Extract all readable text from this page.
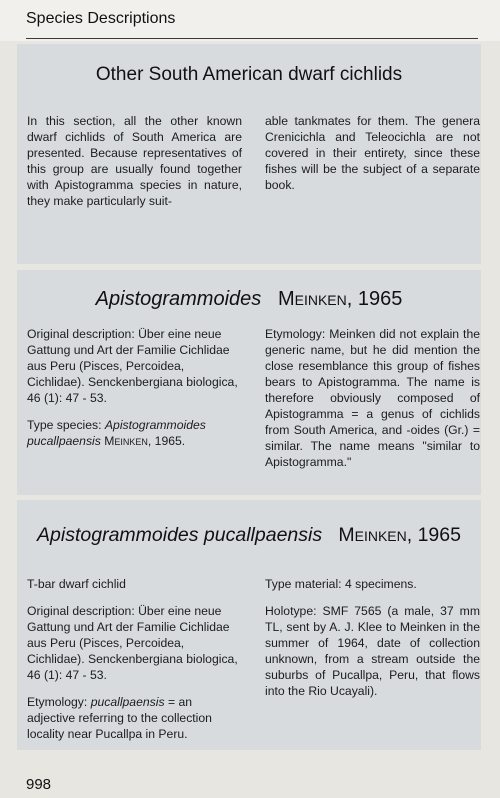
Species Descriptions
Other South American dwarf cichlids

In this section, all the other known dwarf cichlids of South America are presented. Because representatives of this group are usually found together with Apistogramma species in nature, they make particularly suit-

able tankmates for them. The genera Crenicichla and Teleocichla are not covered in their entirety, since these fishes will be the subject of a separate book.

Apistogrammoides Meinken, 1965

Original description: Über eine neue Gattung und Art der Familie Cichlidae aus Peru (Pisces, Percoidea, Cichlidae). Senckenbergiana biologica, 46 (1): 47 - 53.

Type species: Apistogrammoides pucallpaensis Meinken, 1965.

Etymology: Meinken did not explain the generic name, but he did mention the close resemblance this group of fishes bears to Apistogramma. The name is therefore obviously composed of Apistogramma = a genus of cichlids from South America, and -oides (Gr.) = similar. The name means "similar to Apistogramma."

Apistogrammoides pucallpaensis Meinken, 1965

T-bar dwarf cichlid

Original description: Über eine neue Gattung und Art der Familie Cichlidae aus Peru (Pisces, Percoidea, Cichlidae). Senckenbergiana biologica, 46 (1): 47 - 53.

Etymology: pucallpaensis = an adjective referring to the collection locality near Pucallpa in Peru.

Type material: 4 specimens.

Holotype: SMF 7565 (a male, 37 mm TL, sent by A. J. Klee to Meinken in the summer of 1964, date of collection unknown, from a stream outside the suburbs of Pucallpa, Peru, that flows into the Rio Ucayali).

998
